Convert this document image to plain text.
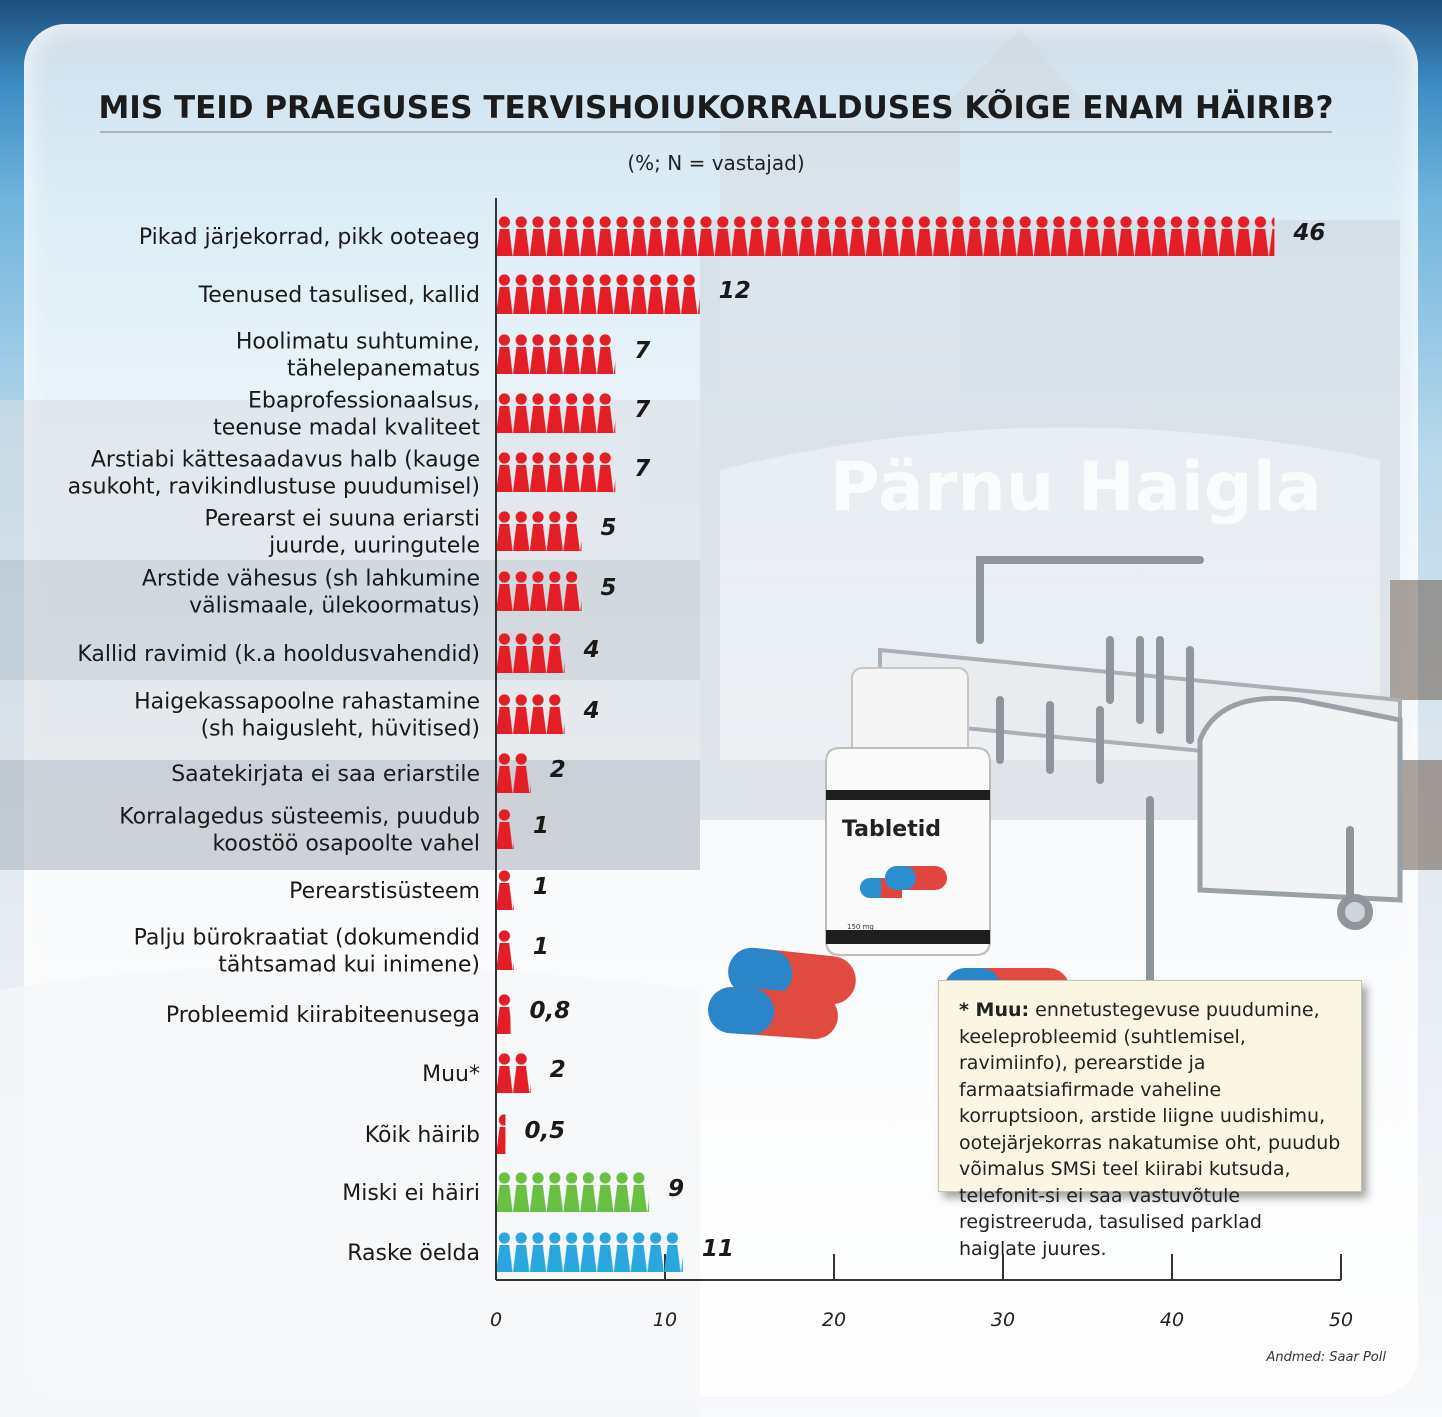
Pärnu Haigla
Tabletid
150 mg
MIS TEID PRAEGUSES TERVISHOIUKORRALDUSES KÕIGE ENAM HÄIRIB?
(%; N = vastajad)
0	10	20	30	40	50
Pikad järjekorrad, pikk ooteaeg
Teenused tasulised, kallid
Hoolimatu suhtumine,
tähelepanematus
Ebaprofessionaalsus,
teenuse madal kvaliteet
Arstiabi kättesaadavus halb (kauge
asukoht, ravikindlustuse puudumisel)
Perearst ei suuna eriarsti
juurde, uuringutele
Arstide vähesus (sh lahkumine
välismaale, ülekoormatus)
Kallid ravimid (k.a hooldusvahendid)
Haigekassapoolne rahastamine
(sh haigusleht, hüvitised)
Saatekirjata ei saa eriarstile
Korralagedus süsteemis, puudub
koostöö osapoolte vahel
Perearstisüsteem
Palju bürokraatiat (dokumendid
tähtsamad kui inimene)
Probleemid kiirabiteenusega
Muu*
Kõik häirib
Miski ei häiri
Raske öelda
46
12
7
7
7
5
5
4
4
2
1
1
1
0,8
2
0,5
9
11
* Muu: ennetustegevuse puudumine, keeleprobleemid (suhtlemisel, ravimiinfo), perearstide ja farmaatsiafirmade vaheline korruptsioon, arstide liigne uudishimu, ootejärjekorras nakatumise oht, puudub võimalus SMSi teel kiirabi kutsuda, telefonit-si ei saa vastuvõtule registreeruda, tasulised parklad haiglate juures.
Andmed: Saar Poll
